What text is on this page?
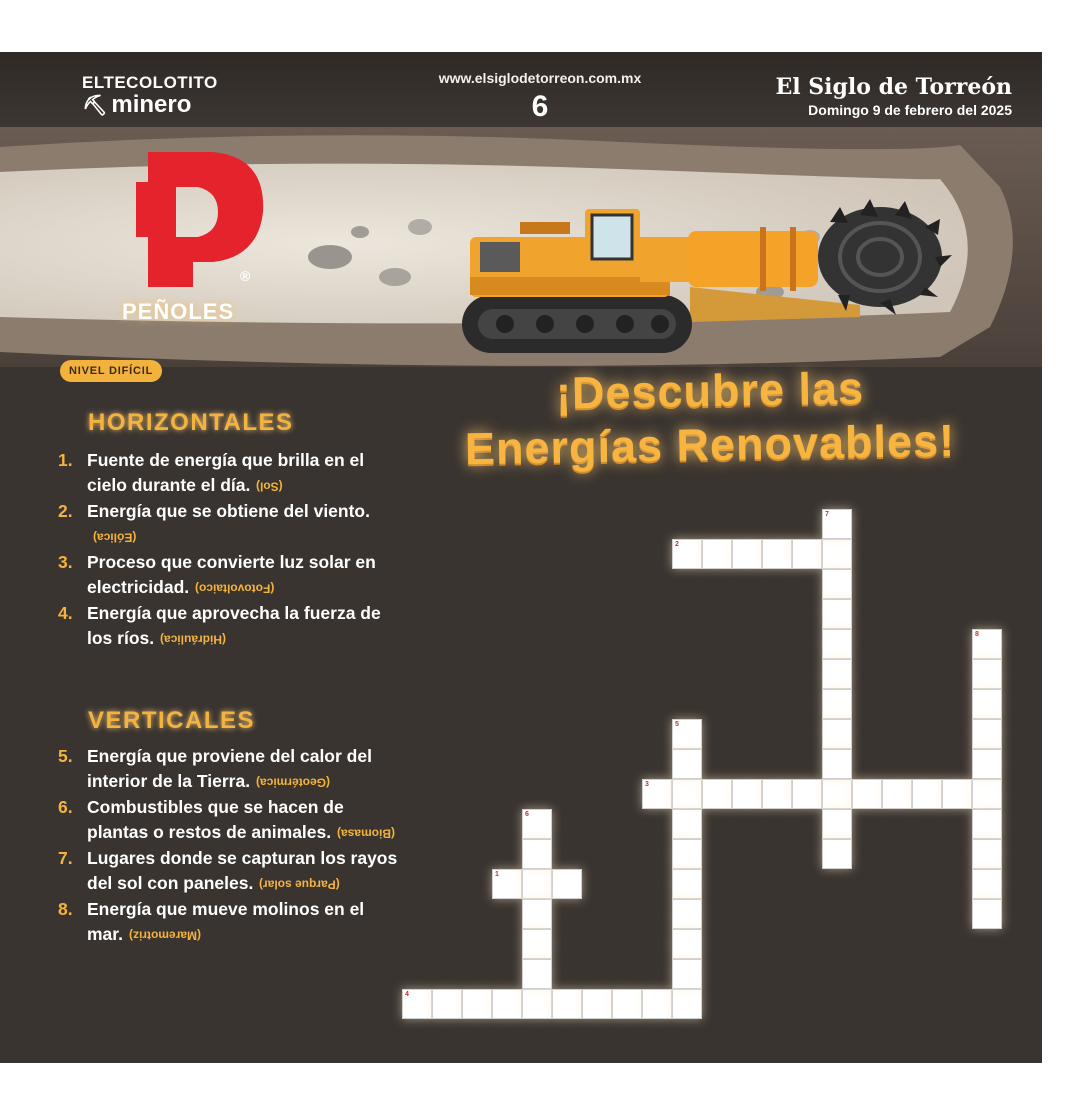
ELTECOLOTITO
⛏ minero
www.elsiglodetorreon.com.mx
6
El Siglo de Torreón
Domingo 9 de febrero del 2025
®
PEÑOLES
NIVEL DIFÍCIL	¡Descubre las
Energías Renovables!
HORIZONTALES
1. Fuente de energía que brilla en el cielo durante el día. (Sol)
2. Energía que se obtiene del viento.(Eólica)
3. Proceso que convierte luz solar en electricidad. (Fotovoltaico)
4. Energía que aprovecha la fuerza de los ríos. (Hidráulica)
VERTICALES
5. Energía que proviene del calor del interior de la Tierra. (Geotérmica)
6. Combustibles que se hacen de plantas o restos de animales. (Biomasa)
7. Lugares donde se capturan los rayos del sol con paneles. (Parque solar)
8. Energía que mueve molinos en el mar. (Maremotriz)
1
2
3
4
5
6
7
8
